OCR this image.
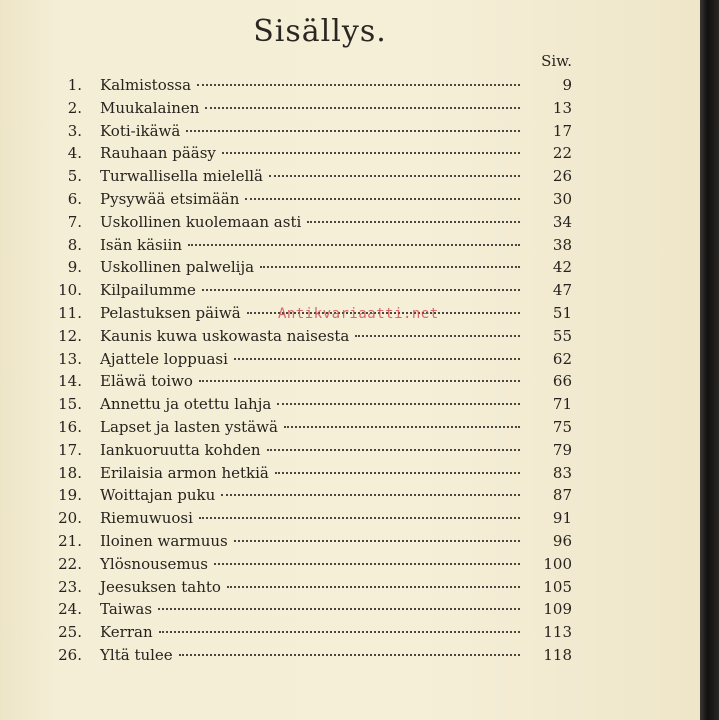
Sisällys.
Siw.
1. Kalmistossa	9
2. Muukalainen	13
3. Koti-ikäwä	17
4. Rauhaan pääsy	22
5. Turwallisella mielellä	26
6. Pysywää etsimään	30
7. Uskollinen kuolemaan asti	34
8. Isän käsiin	38
9. Uskollinen palwelija	42
10. Kilpailumme	47
11. Pelastuksen päiwä	51
12. Kaunis kuwa uskowasta naisesta	55
13. Ajattele loppuasi	62
14. Eläwä toiwo	66
15. Annettu ja otettu lahja	71
16. Lapset ja lasten ystäwä	75
17. Iankuoruutta kohden	79
18. Erilaisia armon hetkiä	83
19. Woittajan puku	87
20. Riemuwuosi	91
21. Iloinen warmuus	96
22. Ylösnousemus	100
23. Jeesuksen tahto	105
24. Taiwas	109
25. Kerran	113
26. Yltä tulee	118
Antikvariaatti.net
